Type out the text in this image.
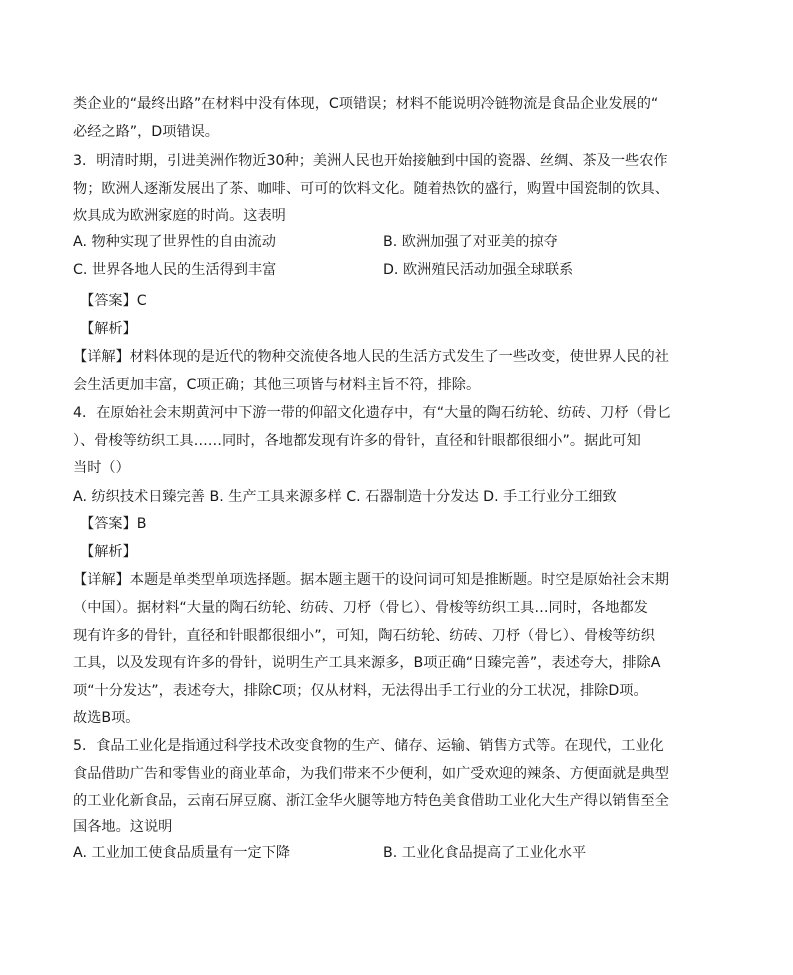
类企业的“最终出路”在材料中没有体现，C项错误；材料不能说明冷链物流是食品企业发展的“
必经之路”，D项错误。
3．明清时期，引进美洲作物近30种；美洲人民也开始接触到中国的瓷器、丝绸、茶及一些农作
物；欧洲人逐渐发展出了茶、咖啡、可可的饮料文化。随着热饮的盛行，购置中国瓷制的饮具、
炊具成为欧洲家庭的时尚。这表明
A. 物种实现了世界性的自由流动	B. 欧洲加强了对亚美的掠夺
C. 世界各地人民的生活得到丰富	D. 欧洲殖民活动加强全球联系
【答案】C
【解析】
【详解】材料体现的是近代的物种交流使各地人民的生活方式发生了一些改变，使世界人民的社
会生活更加丰富，C项正确；其他三项皆与材料主旨不符，排除。
4．在原始社会末期黄河中下游一带的仰韶文化遗存中，有“大量的陶石纺轮、纺砖、刀杼（骨匕
）、骨梭等纺织工具……同时，各地都发现有许多的骨针，直径和针眼都很细小”。据此可知
当时（）
A. 纺织技术日臻完善 B. 生产工具来源多样 C. 石器制造十分发达 D. 手工行业分工细致
【答案】B
【解析】
【详解】本题是单类型单项选择题。据本题主题干的设问词可知是推断题。时空是原始社会末期
（中国）。据材料“大量的陶石纺轮、纺砖、刀杼（骨匕）、骨梭等纺织工具…同时，各地都发
现有许多的骨针，直径和针眼都很细小”，可知，陶石纺轮、纺砖、刀杼（骨匕）、骨梭等纺织
工具，以及发现有许多的骨针，说明生产工具来源多，B项正确“日臻完善”，表述夸大，排除A
项“十分发达”，表述夸大，排除C项；仅从材料，无法得出手工行业的分工状况，排除D项。
故选B项。
5．食品工业化是指通过科学技术改变食物的生产、储存、运输、销售方式等。在现代，工业化
食品借助广告和零售业的商业革命，为我们带来不少便利，如广受欢迎的辣条、方便面就是典型
的工业化新食品，云南石屏豆腐、浙江金华火腿等地方特色美食借助工业化大生产得以销售至全
国各地。这说明
A. 工业加工使食品质量有一定下降	B. 工业化食品提高了工业化水平
